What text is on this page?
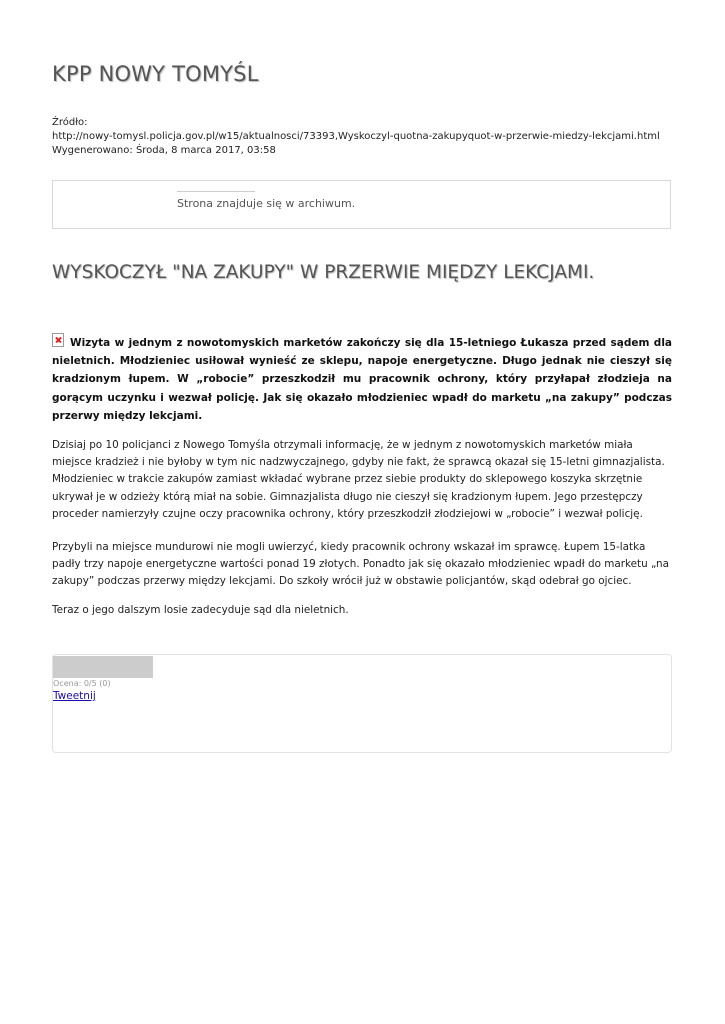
KPP NOWY TOMYŚL
Źródło:
http://nowy-tomysl.policja.gov.pl/w15/aktualnosci/73393,Wyskoczyl-quotna-zakupyquot-w-przerwie-miedzy-lekcjami.html
Wygenerowano: Środa, 8 marca 2017, 03:58
Strona znajduje się w archiwum.
WYSKOCZYŁ "NA ZAKUPY" W PRZERWIE MIĘDZY LEKCJAMI.

Wizyta w jednym z nowotomyskich marketów zakończy się dla 15-letniego Łukasza przed sądem dla nieletnich. Młodzieniec usiłował wynieść ze sklepu, napoje energetyczne. Długo jednak nie cieszył się kradzionym łupem. W „robocie” przeszkodził mu pracownik ochrony, który przyłapał złodzieja na gorącym uczynku i wezwał policję. Jak się okazało młodzieniec wpadł do marketu „na zakupy” podczas przerwy między lekcjami.

Dzisiaj po 10 policjanci z Nowego Tomyśla otrzymali informację, że w jednym z nowotomyskich marketów miała miejsce kradzież i nie byłoby w tym nic nadzwyczajnego, gdyby nie fakt, że sprawcą okazał się 15-letni gimnazjalista. Młodzieniec w trakcie zakupów zamiast wkładać wybrane przez siebie produkty do sklepowego koszyka skrzętnie ukrywał je w odzieży którą miał na sobie. Gimnazjalista długo nie cieszył się kradzionym łupem. Jego przestępczy proceder namierzyły czujne oczy pracownika ochrony, który przeszkodził złodziejowi w „robocie” i wezwał policję.

Przybyli na miejsce mundurowi nie mogli uwierzyć, kiedy pracownik ochrony wskazał im sprawcę. Łupem 15-latka padły trzy napoje energetyczne wartości ponad 19 złotych. Ponadto jak się okazało młodzieniec wpadł do marketu „na zakupy” podczas przerwy między lekcjami. Do szkoły wrócił już w obstawie policjantów, skąd odebrał go ojciec.

Teraz o jego dalszym losie zadecyduje sąd dla nieletnich.

Ocena: 0/5 (0)
Tweetnij
